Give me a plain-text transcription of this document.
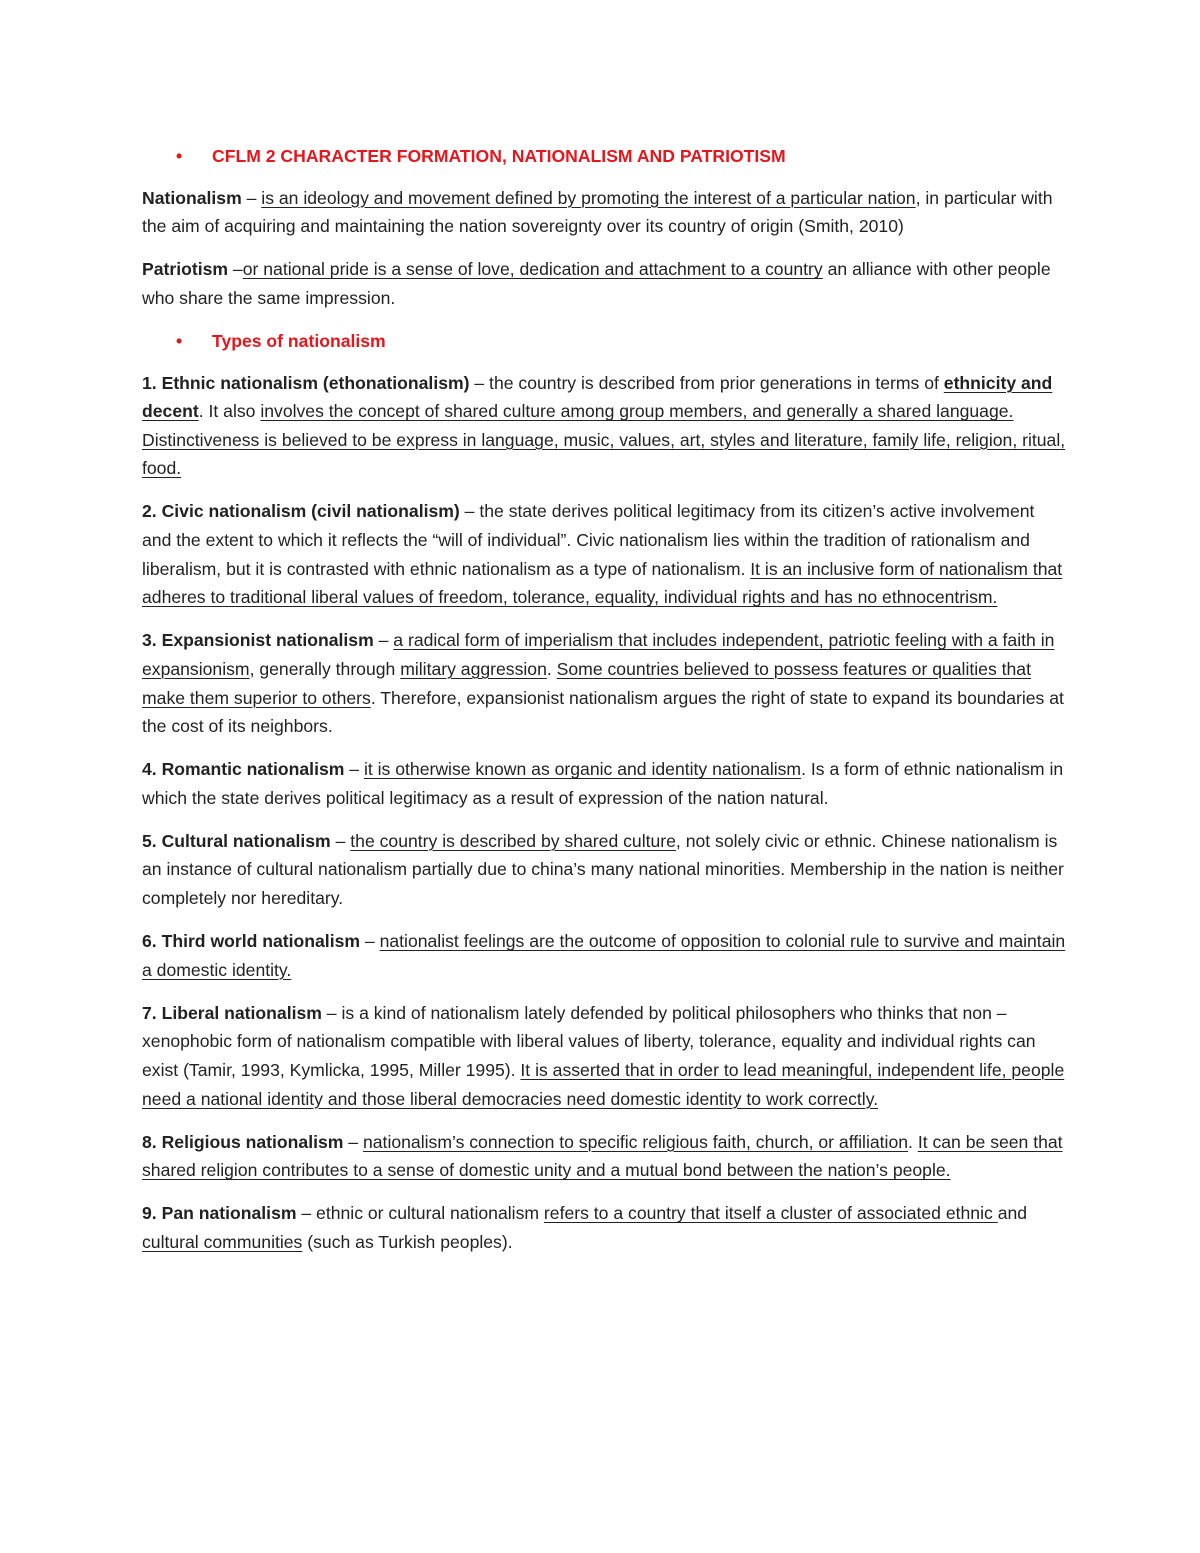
• CFLM 2 CHARACTER FORMATION, NATIONALISM AND PATRIOTISM

Nationalism – is an ideology and movement defined by promoting the interest of a particular nation, in particular with the aim of acquiring and maintaining the nation sovereignty over its country of origin (Smith, 2010)

Patriotism –or national pride is a sense of love, dedication and attachment to a country an alliance with other people who share the same impression.

• Types of nationalism

1. Ethnic nationalism (ethonationalism) – the country is described from prior generations in terms of ethnicity and decent. It also involves the concept of shared culture among group members, and generally a shared language. Distinctiveness is believed to be express in language, music, values, art, styles and literature, family life, religion, ritual, food.

2. Civic nationalism (civil nationalism) – the state derives political legitimacy from its citizen’s active involvement and the extent to which it reflects the “will of individual”. Civic nationalism lies within the tradition of rationalism and liberalism, but it is contrasted with ethnic nationalism as a type of nationalism. It is an inclusive form of nationalism that adheres to traditional liberal values of freedom, tolerance, equality, individual rights and has no ethnocentrism.

3. Expansionist nationalism – a radical form of imperialism that includes independent, patriotic feeling with a faith in expansionism, generally through military aggression. Some countries believed to possess features or qualities that make them superior to others. Therefore, expansionist nationalism argues the right of state to expand its boundaries at the cost of its neighbors.

4. Romantic nationalism – it is otherwise known as organic and identity nationalism. Is a form of ethnic nationalism in which the state derives political legitimacy as a result of expression of the nation natural.

5. Cultural nationalism – the country is described by shared culture, not solely civic or ethnic. Chinese nationalism is an instance of cultural nationalism partially due to china’s many national minorities. Membership in the nation is neither completely nor hereditary.

6. Third world nationalism – nationalist feelings are the outcome of opposition to colonial rule to survive and maintain a domestic identity.

7. Liberal nationalism – is a kind of nationalism lately defended by political philosophers who thinks that non – xenophobic form of nationalism compatible with liberal values of liberty, tolerance, equality and individual rights can exist (Tamir, 1993, Kymlicka, 1995, Miller 1995). It is asserted that in order to lead meaningful, independent life, people need a national identity and those liberal democracies need domestic identity to work correctly.

8. Religious nationalism – nationalism’s connection to specific religious faith, church, or affiliation. It can be seen that shared religion contributes to a sense of domestic unity and a mutual bond between the nation’s people.

9. Pan nationalism – ethnic or cultural nationalism refers to a country that itself a cluster of associated ethnic and cultural communities (such as Turkish peoples).
